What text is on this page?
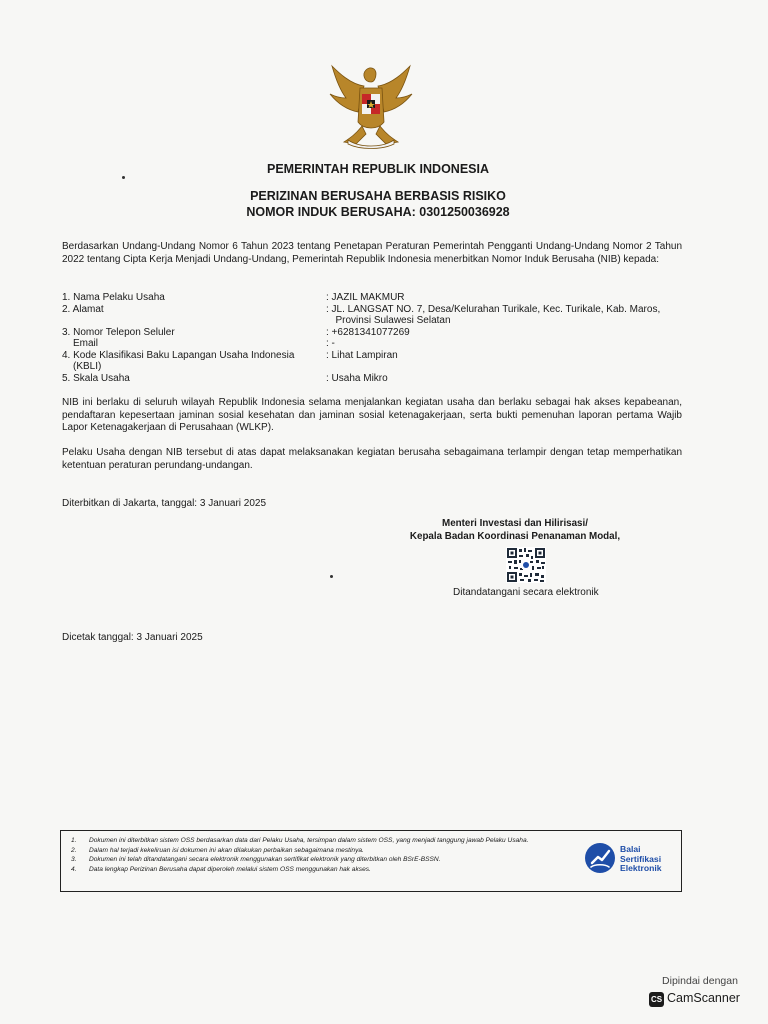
PEMERINTAH REPUBLIK INDONESIA
PERIZINAN BERUSAHA BERBASIS RISIKO
NOMOR INDUK BERUSAHA: 0301250036928
Berdasarkan Undang-Undang Nomor 6 Tahun 2023 tentang Penetapan Peraturan Pemerintah Pengganti Undang-Undang Nomor 2 Tahun 2022 tentang Cipta Kerja Menjadi Undang-Undang, Pemerintah Republik Indonesia menerbitkan Nomor Induk Berusaha (NIB) kepada:
1. Nama Pelaku Usaha	: JAZIL MAKMUR
2. Alamat	: JL. LANGSAT NO. 7, Desa/Kelurahan Turikale, Kec. Turikale, Kab. Maros,
Provinsi Sulawesi Selatan
3. Nomor Telepon Seluler	: +6281341077269
Email	: -
4. Kode Klasifikasi Baku Lapangan Usaha Indonesia	: Lihat Lampiran
(KBLI)
5. Skala Usaha	: Usaha Mikro
NIB ini berlaku di seluruh wilayah Republik Indonesia selama menjalankan kegiatan usaha dan berlaku sebagai hak akses kepabeanan, pendaftaran kepesertaan jaminan sosial kesehatan dan jaminan sosial ketenagakerjaan, serta bukti pemenuhan laporan pertama Wajib Lapor Ketenagakerjaan di Perusahaan (WLKP).
Pelaku Usaha dengan NIB tersebut di atas dapat melaksanakan kegiatan berusaha sebagaimana terlampir dengan tetap memperhatikan ketentuan peraturan perundang-undangan.
Diterbitkan di Jakarta, tanggal: 3 Januari 2025
Menteri Investasi dan Hilirisasi/
Kepala Badan Koordinasi Penanaman Modal,
Ditandatangani secara elektronik
Dicetak tanggal: 3 Januari 2025
1.	Dokumen ini diterbitkan sistem OSS berdasarkan data dari Pelaku Usaha, tersimpan dalam sistem OSS, yang menjadi tanggung jawab Pelaku Usaha.
2.	Dalam hal terjadi kekeliruan isi dokumen ini akan dilakukan perbaikan sebagaimana mestinya.
3.	Dokumen ini telah ditandatangani secara elektronik menggunakan sertifikat elektronik yang diterbitkan oleh BSrE-BSSN.
4.	Data lengkap Perizinan Berusaha dapat diperoleh melalui sistem OSS menggunakan hak akses.
Balai
Sertifikasi
Elektronik
Dipindai dengan
CS CamScanner
